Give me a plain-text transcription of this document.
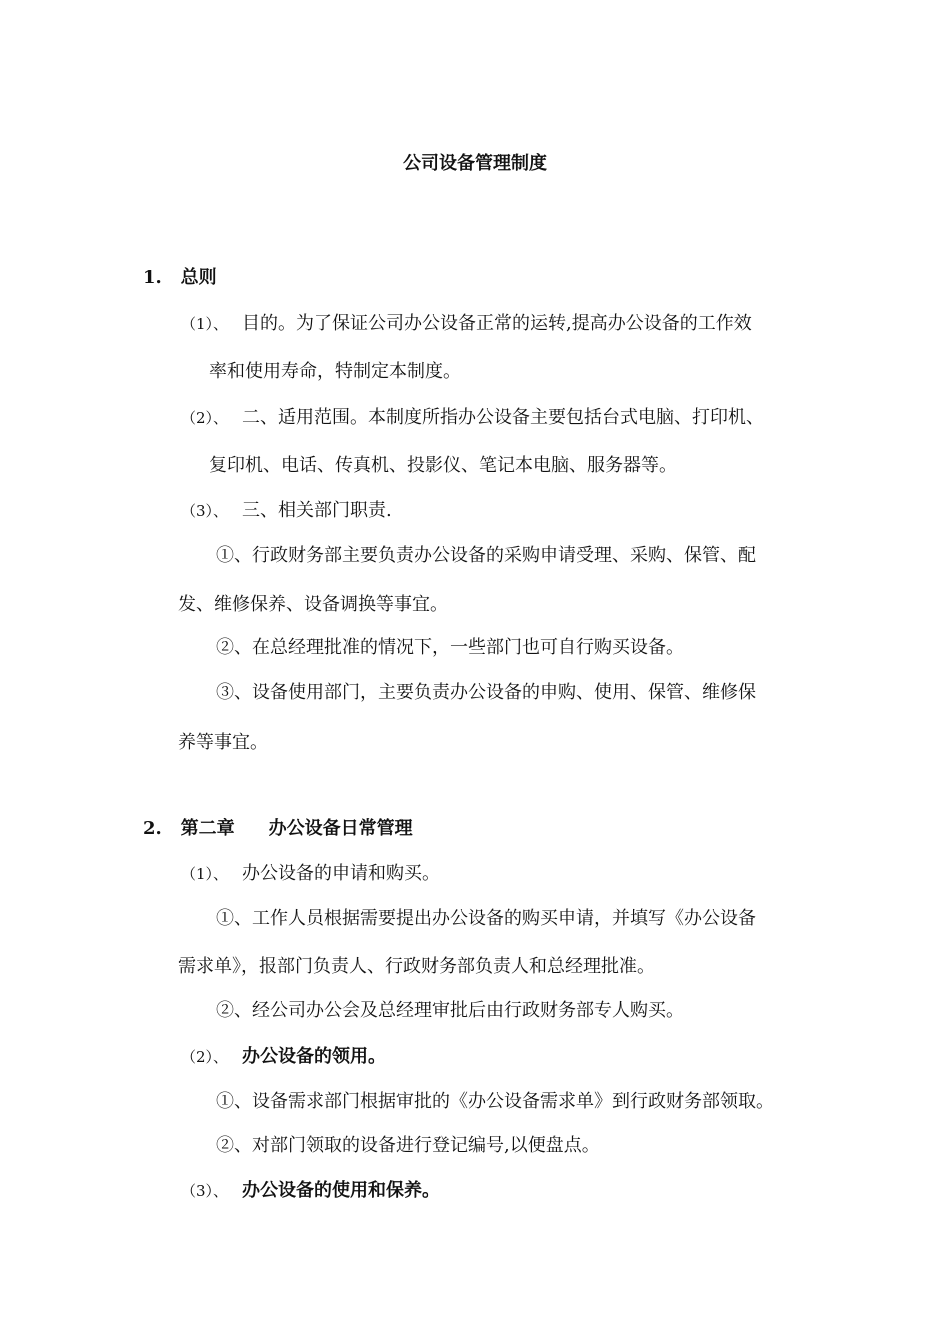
公司设备管理制度
1. 总则
（1）、 目的。为了保证公司办公设备正常的运转,提高办公设备的工作效
率和使用寿命，特制定本制度。
（2）、 二、适用范围。本制度所指办公设备主要包括台式电脑、打印机、
复印机、电话、传真机、投影仪、笔记本电脑、服务器等。
（3）、 三、相关部门职责.
①、行政财务部主要负责办公设备的采购申请受理、采购、保管、配
发、维修保养、设备调换等事宜。
②、在总经理批准的情况下，一些部门也可自行购买设备。
③、设备使用部门，主要负责办公设备的申购、使用、保管、维修保
养等事宜。
2. 第二章 办公设备日常管理
（1）、 办公设备的申请和购买。
①、工作人员根据需要提出办公设备的购买申请，并填写《办公设备
需求单》，报部门负责人、行政财务部负责人和总经理批准。
②、经公司办公会及总经理审批后由行政财务部专人购买。
（2）、 办公设备的领用。
①、设备需求部门根据审批的《办公设备需求单》到行政财务部领取。
②、对部门领取的设备进行登记编号,以便盘点。
（3）、 办公设备的使用和保养。
